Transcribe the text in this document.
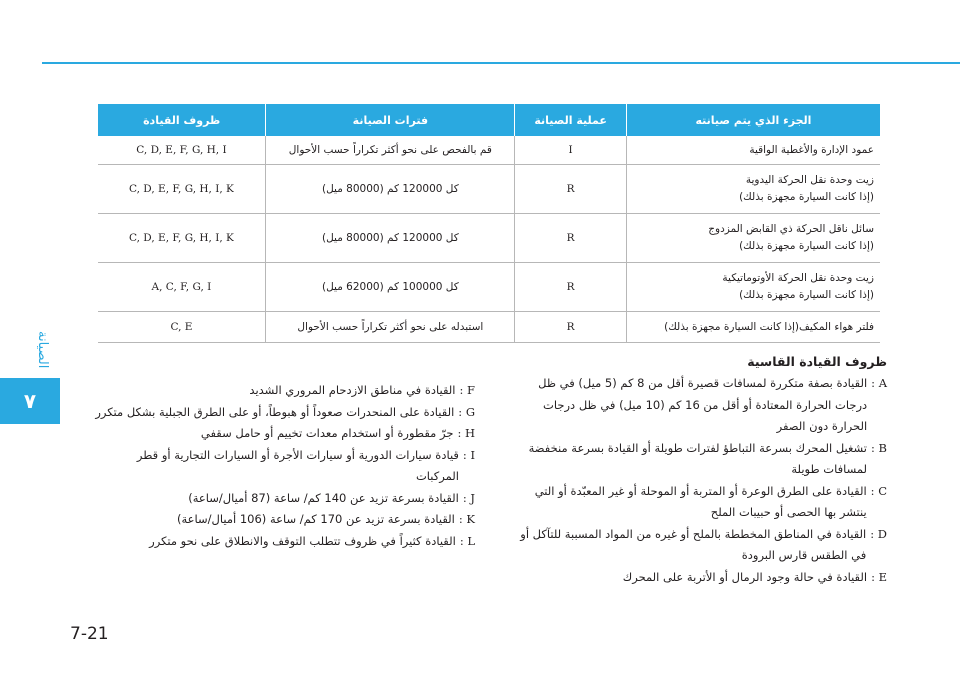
الصيانة
٧
7-21
الجزء الذي يتم صيانته	عملية الصيانة	فترات الصيانة	ظروف القيادة
عمود الإدارة والأغطية الواقية	I	قم بالفحص على نحو أكثر تكراراً حسب الأحوال	C, D, E, F, G, H, I
زيت وحدة نقل الحركة اليدوية
(إذا كانت السيارة مجهزة بذلك)	R	كل 120000 كم (80000 ميل)	C, D, E, F, G, H, I, K
سائل ناقل الحركة ذي القابض المزدوج
(إذا كانت السيارة مجهزة بذلك)	R	كل 120000 كم (80000 ميل)	C, D, E, F, G, H, I, K
زيت وحدة نقل الحركة الأوتوماتيكية
(إذا كانت السيارة مجهزة بذلك)	R	كل 100000 كم (62000 ميل)	A, C, F, G, I
فلتر هواء المكيف(إذا كانت السيارة مجهزة بذلك)	R	استبدله على نحو أكثر تكراراً حسب الأحوال	C, E
ظروف القيادة القاسية
A :
القيادة بصفة متكررة لمسافات قصيرة أقل من 8 كم (5 ميل) في ظل درجات الحرارة المعتادة أو أقل من 16 كم (10 ميل) في ظل درجات الحرارة دون الصفر
B :
تشغيل المحرك بسرعة التباطؤ لفترات طويلة أو القيادة بسرعة منخفضة لمسافات طويلة
C :
القيادة على الطرق الوعرة أو المتربة أو الموحلة أو غير المعبّدة أو التي ينتشر بها الحصى أو حبيبات الملح
D :
القيادة في المناطق المخططة بالملح أو غيره من المواد المسببة للتآكل أو في الطقس قارس البرودة
E :
القيادة في حالة وجود الرمال أو الأتربة على المحرك
F :
القيادة في مناطق الازدحام المروري الشديد
G :
القيادة على المنحدرات صعوداً أو هبوطاً، أو على الطرق الجبلية بشكل متكرر
H :
جرّ مقطورة أو استخدام معدات تخييم أو حامل سقفي
I :
قيادة سيارات الدورية أو سيارات الأجرة أو السيارات التجارية أو قطر المركبات
J :
القيادة بسرعة تزيد عن 140 كم/ ساعة (87 أميال/ساعة)
K :
القيادة بسرعة تزيد عن 170 كم/ ساعة (106 أميال/ساعة)
L :
القيادة كثيراً في ظروف تتطلب التوقف والانطلاق على نحو متكرر
